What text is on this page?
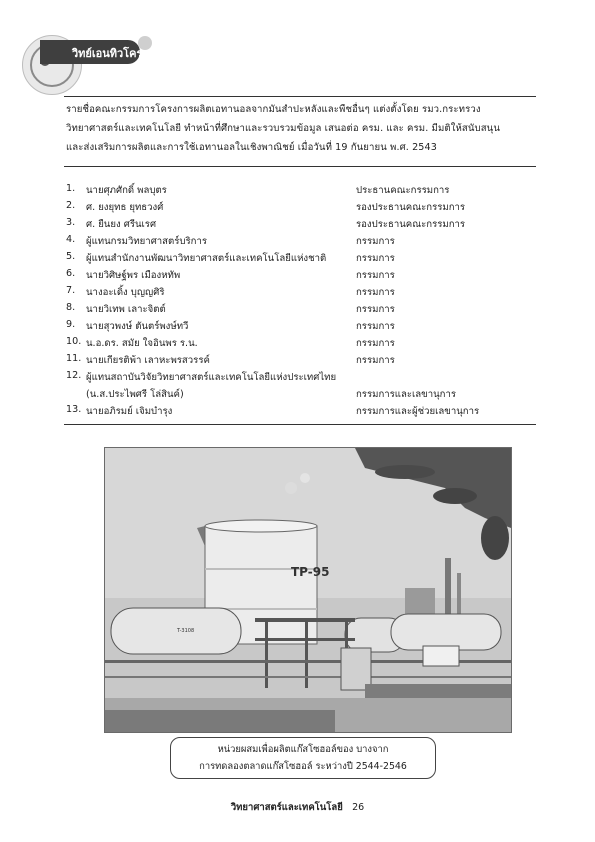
วิทย์เอนทิวโคร
รายชื่อคณะกรรมการโครงการผลิตเอทานอลจากมันสำปะหลังและพืชอื่นๆ แต่งตั้งโดย รมว.กระทรวง
วิทยาศาสตร์และเทคโนโลยี ทำหน้าที่ศึกษาและรวบรวมข้อมูล เสนอต่อ ครม. และ ครม. มีมติให้สนับสนุน
และส่งเสริมการผลิตและการใช้เอทานอลในเชิงพาณิชย์ เมื่อวันที่ 19 กันยายน พ.ศ. 2543
1.	นายศุภศักดิ์ พลบุตร	ประธานคณะกรรมการ
2.	ศ. ยงยุทธ ยุทธวงศ์	รองประธานคณะกรรมการ
3.	ศ. ยืนยง ศรีนเรศ	รองประธานคณะกรรมการ
4.	ผู้แทนกรมวิทยาศาสตร์บริการ	กรรมการ
5.	ผู้แทนสำนักงานพัฒนาวิทยาศาสตร์และเทคโนโลยีแห่งชาติ	กรรมการ
6.	นายวิศิษฐ์พร เมืองหทัพ	กรรมการ
7.	นางอะเดิ้ง บุญญศิริ	กรรมการ
8.	นายวิเทพ เลาะจิตต์	กรรมการ
9.	นายสุวพงษ์ ตันตร์พงษ์ทวี	กรรมการ
10. น.อ.ดร. สมัย ใจอินพร ร.น.	กรรมการ
11. นายเกียรติพ้า เลาหะพรสวรรค์	กรรมการ
12. ผู้แทนสถาบันวิจัยวิทยาศาสตร์และเทคโนโลยีแห่งประเทศไทย
(น.ส.ประไพศรี โล่สินค์)	กรรมการและเลขานุการ
13. นายอภิรมย์ เจิมบำรุง	กรรมการและผู้ช่วยเลขานุการ
TP-95
T-3108
หน่วยผสมเพื่อผลิตแก๊สโซฮอล์ของ บางจาก
การทดลองตลาดแก๊สโซฮอล์ ระหว่างปี 2544-2546
วิทยาศาสตร์และเทคโนโลยี 26
